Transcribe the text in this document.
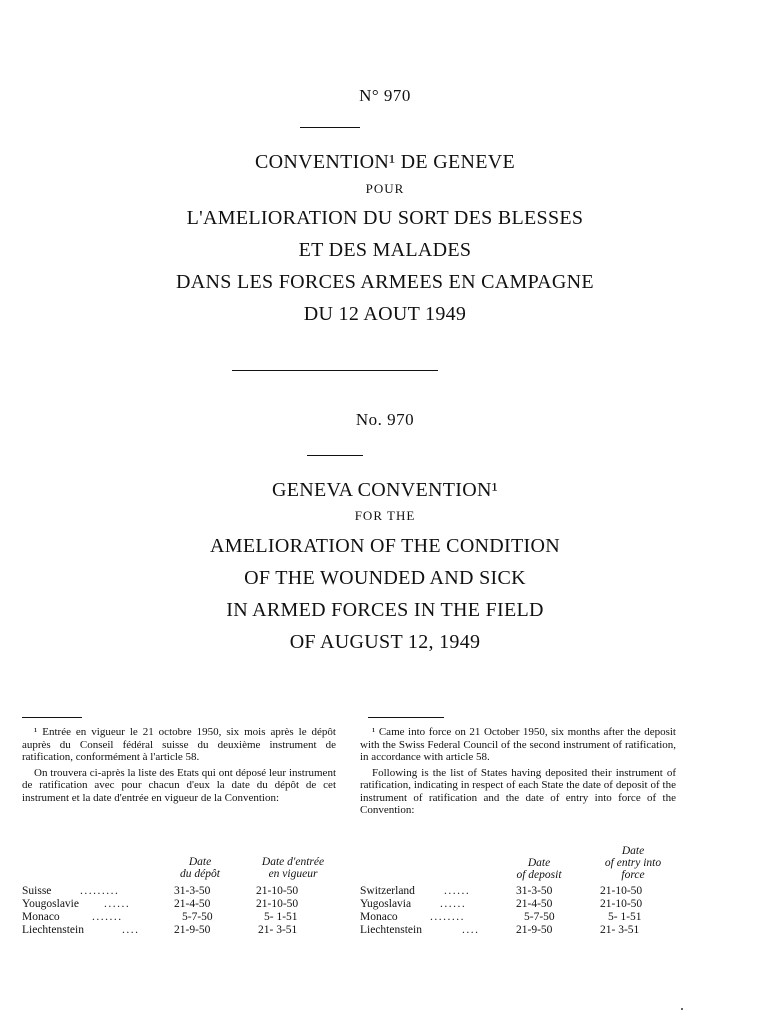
N° 970
CONVENTION¹ DE GENEVE
POUR
L'AMELIORATION DU SORT DES BLESSES
ET DES MALADES
DANS LES FORCES ARMEES EN CAMPAGNE
DU 12 AOUT 1949
No. 970
GENEVA CONVENTION¹
FOR THE
AMELIORATION OF THE CONDITION
OF THE WOUNDED AND SICK
IN ARMED FORCES IN THE FIELD
OF AUGUST 12, 1949

¹ Entrée en vigueur le 21 octobre 1950, six mois après le dépôt auprès du Conseil fédéral suisse du deuxième instrument de ratification, conformément à l'article 58.

On trouvera ci-après la liste des Etats qui ont déposé leur instrument de ratification avec pour chacun d'eux la date du dépôt de cet instrument et la date d'entrée en vigueur de la Convention:

Date
du dépôt
Date d'entrée
en vigueur
Suisse .........	31-3-50	21-10-50
Yougoslavie ......	21-4-50	21-10-50
Monaco	.......	5-7-50	5- 1-51
Liechtenstein	....	21-9-50	21- 3-51

¹ Came into force on 21 October 1950, six months after the deposit with the Swiss Federal Council of the second instrument of ratification, in accordance with article 58.

Following is the list of States having deposited their instrument of ratification, indicating in respect of each State the date of deposit of the instrument of ratification and the date of entry into force of the Convention:

Date
of deposit
Date
of entry into
force
Switzerland	......	31-3-50	21-10-50
Yugoslavia	......	21-4-50	21-10-50
Monaco	........	5-7-50	5- 1-51
Liechtenstein	....	21-9-50	21- 3-51
